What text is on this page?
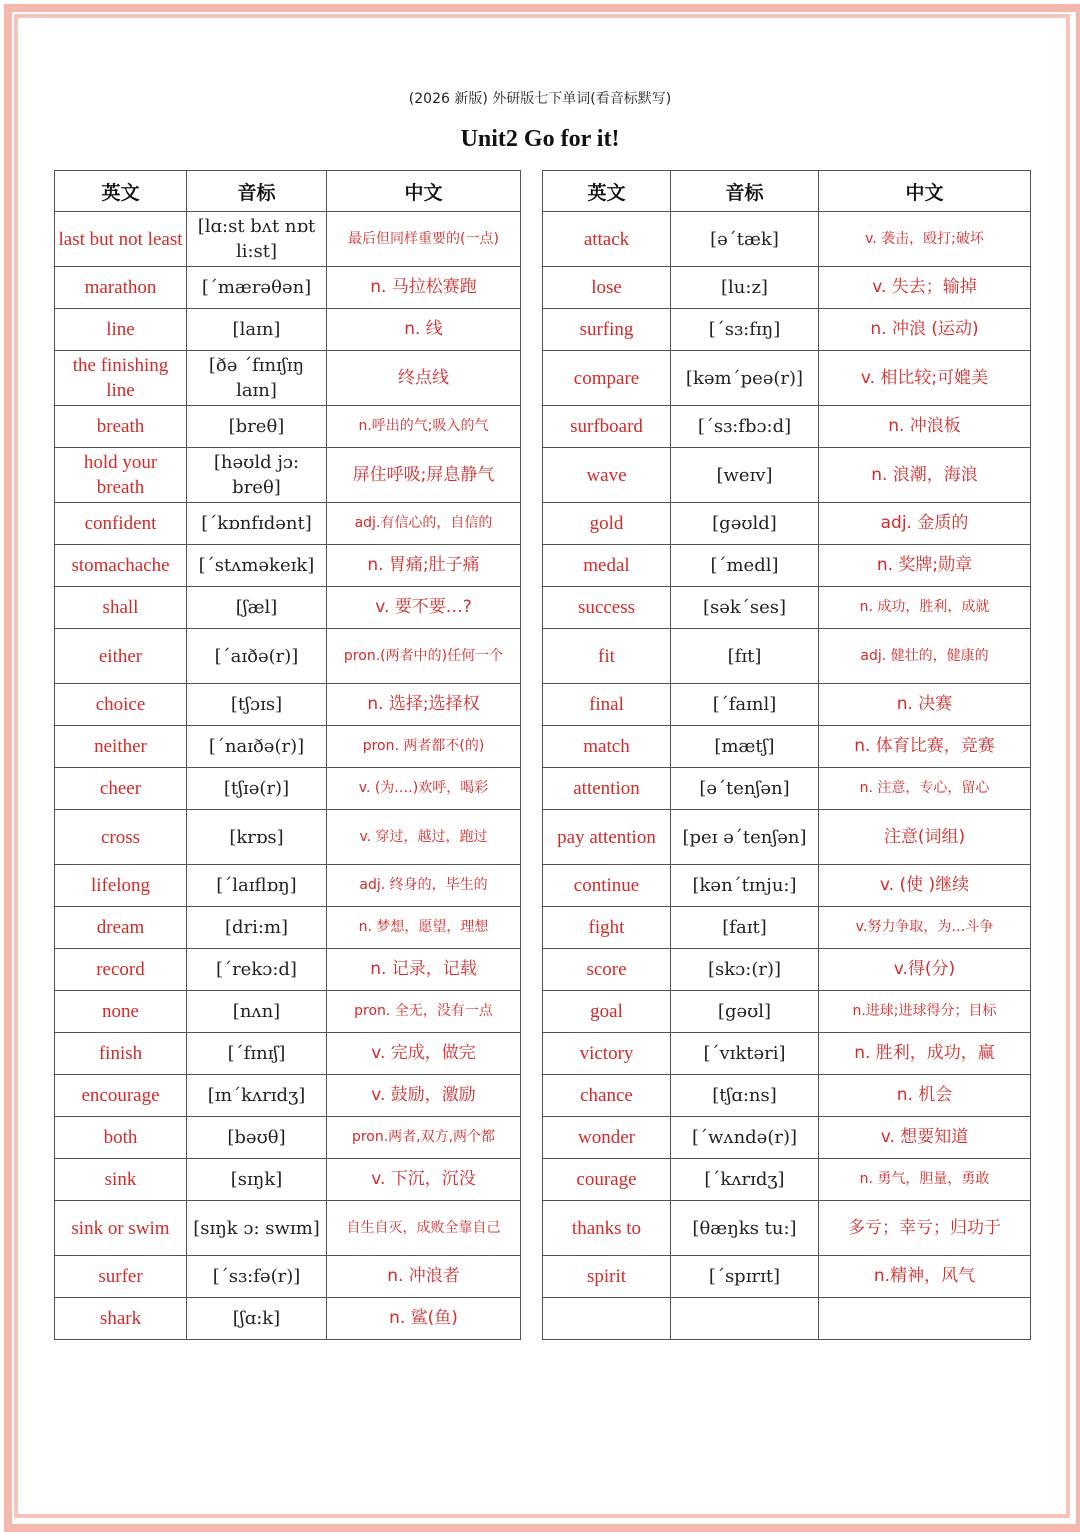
(2026 新版) 外研版七下单词(看音标默写)
Unit2 Go for it!
英文	音标	中文		英文	音标	中文
last but not least	[lɑ:st bʌt nɒt li:st]	最后但同样重要的(一点)		attack	[ə΄tæk]	v. 袭击，殴打;破坏
marathon	[΄mærəθən]	n. 马拉松赛跑		lose	[lu:z]	v. 失去；输掉
line	[laɪn]	n. 线		surfing	[΄sɜ:fɪŋ]	n. 冲浪 (运动)
the finishing line	[ðə ΄fɪnɪʃɪŋ laɪn]	终点线		compare	[kəm΄peə(r)]	v. 相比较;可媲美
breath	[breθ]	n.呼出的气;吸入的气		surfboard	[΄sɜ:fbɔ:d]	n. 冲浪板
hold your breath	[həʊld jɔ: breθ]	屏住呼吸;屏息静气		wave	[weɪv]	n. 浪潮，海浪
confident	[΄kɒnfɪdənt]	adj.有信心的，自信的		gold	[gəʊld]	adj. 金质的
stomachache	[΄stʌməkeɪk]	n. 胃痛;肚子痛		medal	[΄medl]	n. 奖牌;勋章
shall	[ʃæl]	v. 要不要…?		success	[sək΄ses]	n. 成功，胜利，成就
either	[΄aɪðə(r)]	pron.(两者中的)任何一个		fit	[fɪt]	adj. 健壮的，健康的
choice	[tʃɔɪs]	n. 选择;选择权		final	[΄faɪnl]	n. 决赛
neither	[΄naɪðə(r)]	pron. 两者都不(的)		match	[mætʃ]	n. 体育比赛，竞赛
cheer	[tʃɪə(r)]	v. (为.…)欢呼，喝彩		attention	[ə΄tenʃən]	n. 注意，专心，留心
cross	[krɒs]	v. 穿过，越过，跑过		pay attention	[peɪ ə΄tenʃən]	注意(词组)
lifelong	[΄laɪflɒŋ]	adj. 终身的，毕生的		continue	[kən΄tɪnju:]	v. (使 )继续
dream	[dri:m]	n. 梦想，愿望，理想		fight	[faɪt]	v.努力争取，为…斗争
record	[΄rekɔ:d]	n. 记录，记载		score	[skɔ:(r)]	v.得(分)
none	[nʌn]	pron. 全无，没有一点		goal	[gəʊl]	n.进球;进球得分；目标
finish	[΄fɪnɪʃ]	v. 完成，做完		victory	[΄vɪktəri]	n. 胜利，成功，赢
encourage	[ɪn΄kʌrɪdʒ]	v. 鼓励，激励		chance	[tʃɑ:ns]	n. 机会
both	[bəʊθ]	pron.两者,双方,两个都		wonder	[΄wʌndə(r)]	v. 想要知道
sink	[sɪŋk]	v. 下沉，沉没		courage	[΄kʌrɪdʒ]	n. 勇气，胆量，勇敢
sink or swim	[sɪŋk ɔ: swɪm]	自生自灭，成败全靠自己		thanks to	[θæŋks tu:]	多亏；幸亏；归功于
surfer	[΄sɜ:fə(r)]	n. 冲浪者		spirit	[΄spɪrɪt]	n.精神，风气
shark	[ʃɑ:k]	n. 鲨(鱼)				
